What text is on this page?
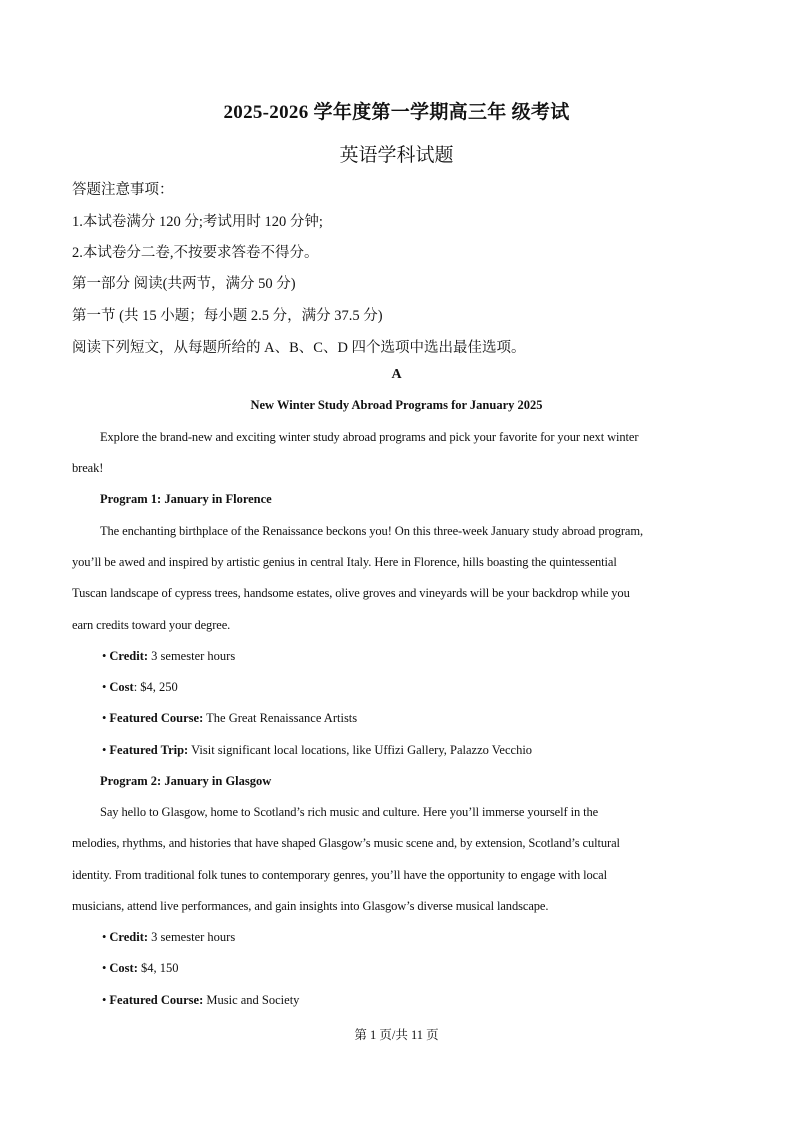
2025-2026 学年度第一学期高三年 级考试
英语学科试题
答题注意事项：
1.本试卷满分 120 分;考试用时 120 分钟;
2.本试卷分二卷,不按要求答卷不得分。
第一部分 阅读(共两节，满分 50 分)
第一节 (共 15 小题；每小题 2.5 分，满分 37.5 分)
阅读下列短文，从每题所给的 A、B、C、D 四个选项中选出最佳选项。
A
New Winter Study Abroad Programs for January 2025
Explore the brand-new and exciting winter study abroad programs and pick your favorite for your next winter
break!
Program 1: January in Florence
The enchanting birthplace of the Renaissance beckons you! On this three-week January study abroad program,
you’ll be awed and inspired by artistic genius in central Italy. Here in Florence, hills boasting the quintessential
Tuscan landscape of cypress trees, handsome estates, olive groves and vineyards will be your backdrop while you
earn credits toward your degree.
• Credit: 3 semester hours
• Cost: $4, 250
• Featured Course: The Great Renaissance Artists
• Featured Trip: Visit significant local locations, like Uffizi Gallery, Palazzo Vecchio
Program 2: January in Glasgow
Say hello to Glasgow, home to Scotland’s rich music and culture. Here you’ll immerse yourself in the
melodies, rhythms, and histories that have shaped Glasgow’s music scene and, by extension, Scotland’s cultural
identity. From traditional folk tunes to contemporary genres, you’ll have the opportunity to engage with local
musicians, attend live performances, and gain insights into Glasgow’s diverse musical landscape.
• Credit: 3 semester hours
• Cost: $4, 150
• Featured Course: Music and Society
第 1 页/共 11 页
